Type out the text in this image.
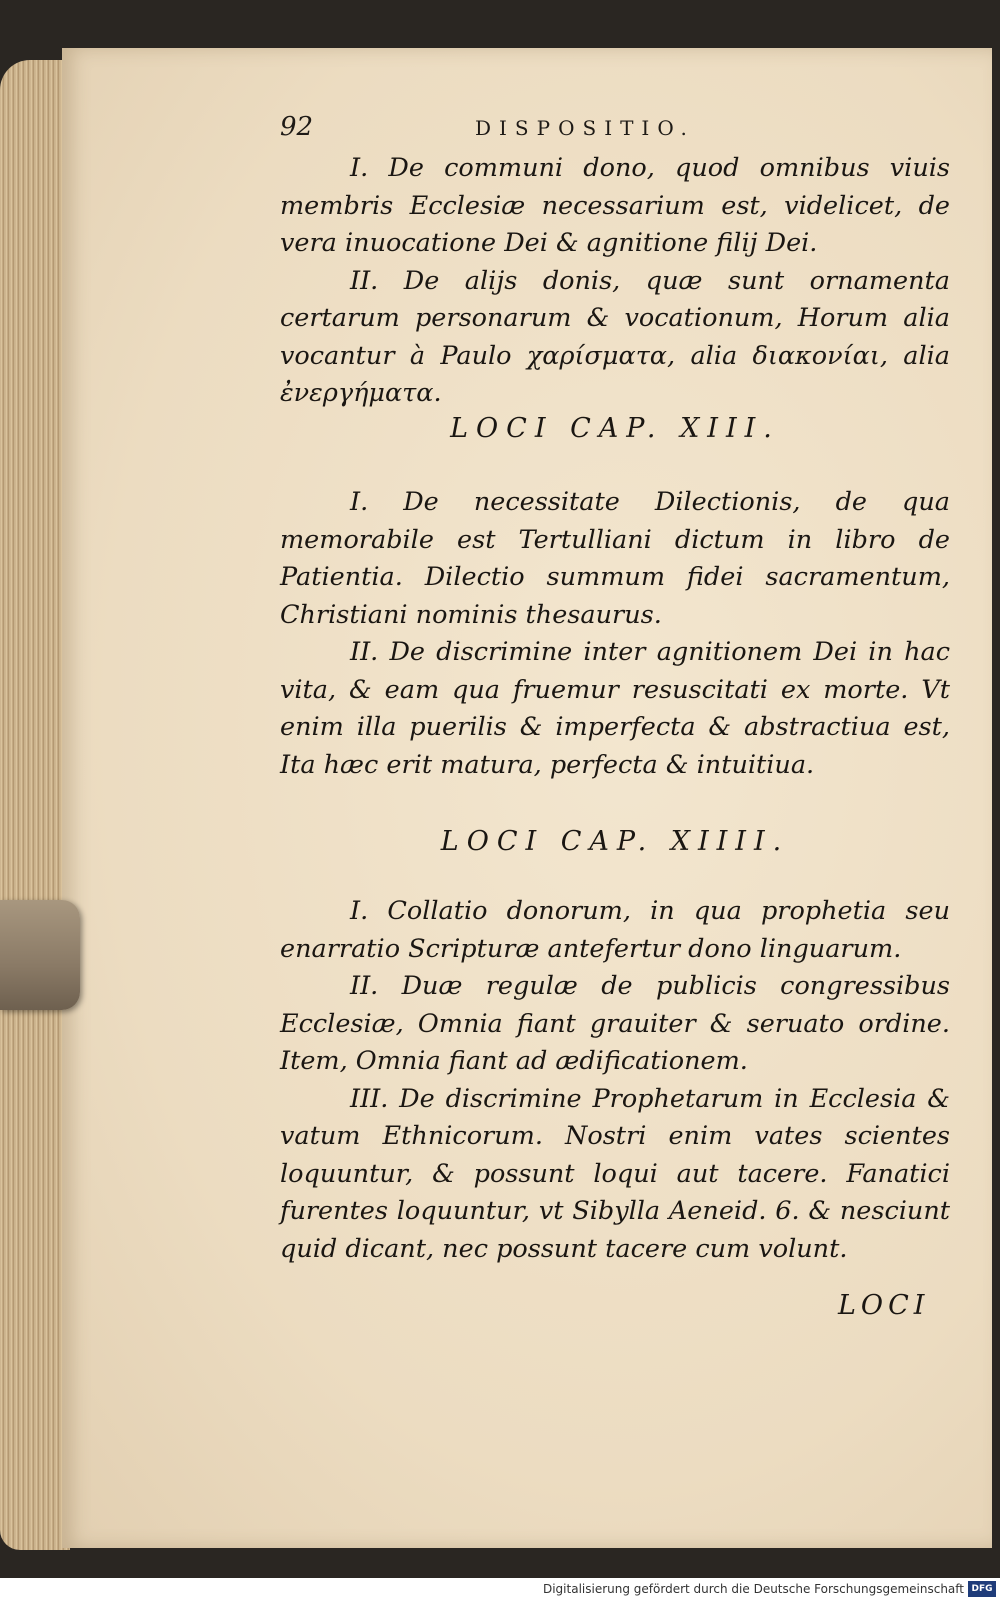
92	DISPOSITIO.

I. De communi dono, quod omnibus viuis membris Ecclesiæ necessarium est, videlicet, de vera inuocatione Dei & agnitione filij Dei.

II. De alijs donis, quæ sunt ornamenta certarum personarum & vocationum, Horum alia vocantur à Paulo χαρίσματα, alia διακονίαι, alia ἐνεργήματα.

LOCI CAP. XIII.

I. De necessitate Dilectionis, de qua memorabile est Tertulliani dictum in libro de Patientia. Dilectio summum fidei sacramentum, Christiani nominis thesaurus.

II. De discrimine inter agnitionem Dei in hac vita, & eam qua fruemur resuscitati ex morte. Vt enim illa puerilis & imperfecta & abstractiua est, Ita hæc erit matura, perfecta & intuitiua.

LOCI CAP. XIIII.

I. Collatio donorum, in qua prophetia seu enarratio Scripturæ antefertur dono linguarum.

II. Duæ regulæ de publicis congressibus Ecclesiæ, Omnia fiant grauiter & seruato ordine. Item, Omnia fiant ad ædificationem.

III. De discrimine Prophetarum in Ecclesia & vatum Ethnicorum. Nostri enim vates scientes loquuntur, & possunt loqui aut tacere. Fanatici furentes loquuntur, vt Sibylla Aeneid. 6. & nesciunt quid dicant, nec possunt tacere cum volunt.

LOCI
Digitalisierung gefördert durch die Deutsche Forschungsgemeinschaft DFG
